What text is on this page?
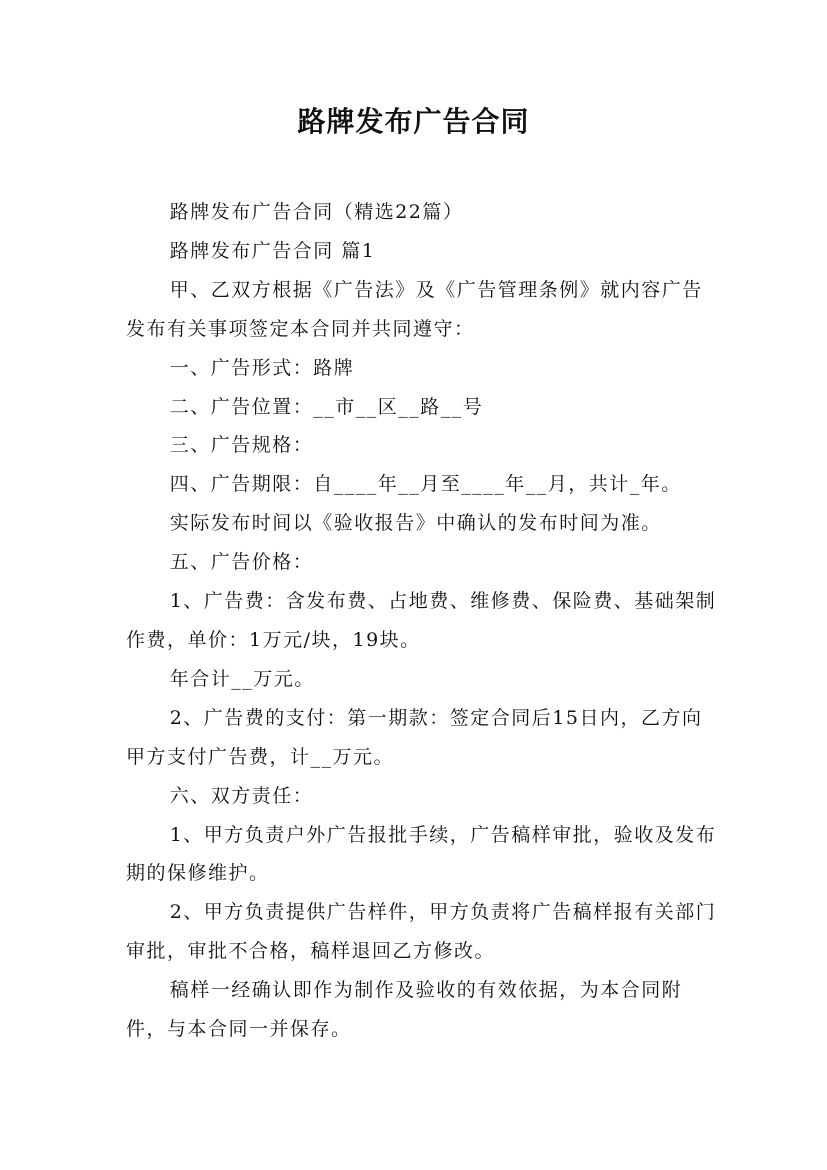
路牌发布广告合同

路牌发布广告合同（精选22篇）

路牌发布广告合同 篇1

甲、乙双方根据《广告法》及《广告管理条例》就内容广告发布有关事项签定本合同并共同遵守：

一、广告形式：路牌

二、广告位置：__市__区__路__号

三、广告规格：

四、广告期限：自____年__月至____年__月，共计_年。

实际发布时间以《验收报告》中确认的发布时间为准。

五、广告价格：

1、广告费：含发布费、占地费、维修费、保险费、基础架制作费，单价：1万元/块，19块。

年合计__万元。

2、广告费的支付：第一期款：签定合同后15日内，乙方向甲方支付广告费，计__万元。

六、双方责任：

1、甲方负责户外广告报批手续，广告稿样审批，验收及发布期的保修维护。

2、甲方负责提供广告样件，甲方负责将广告稿样报有关部门审批，审批不合格，稿样退回乙方修改。

稿样一经确认即作为制作及验收的有效依据，为本合同附件，与本合同一并保存。
